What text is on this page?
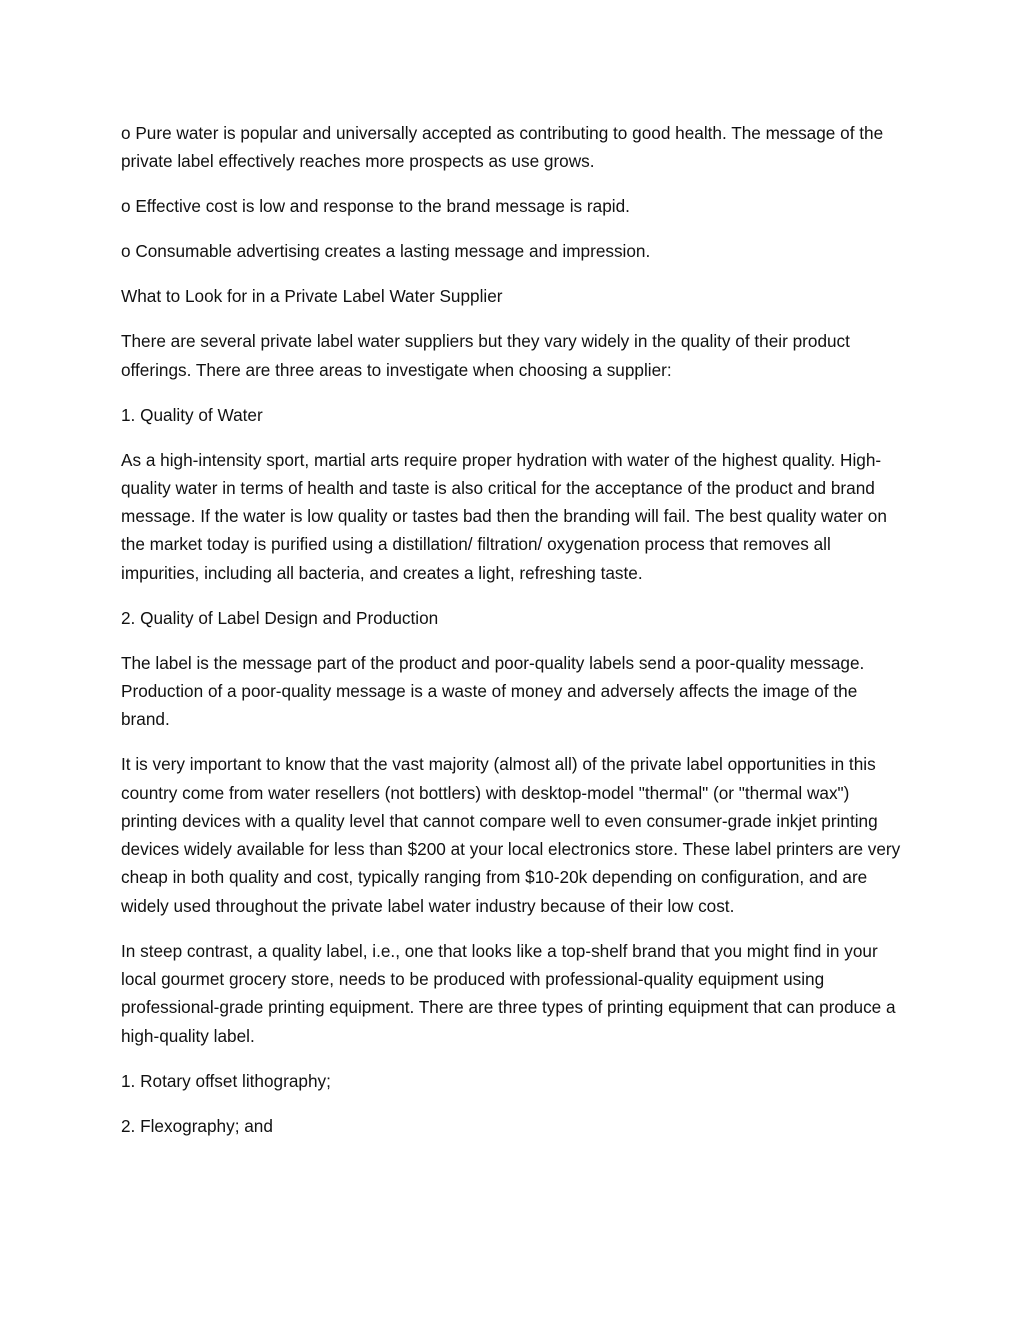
o Pure water is popular and universally accepted as contributing to good health. The message of the private label effectively reaches more prospects as use grows.

o Effective cost is low and response to the brand message is rapid.

o Consumable advertising creates a lasting message and impression.

What to Look for in a Private Label Water Supplier

There are several private label water suppliers but they vary widely in the quality of their product offerings. There are three areas to investigate when choosing a supplier:

1. Quality of Water

As a high-intensity sport, martial arts require proper hydration with water of the highest quality. High-quality water in terms of health and taste is also critical for the acceptance of the product and brand message. If the water is low quality or tastes bad then the branding will fail. The best quality water on the market today is purified using a distillation/ filtration/ oxygenation process that removes all impurities, including all bacteria, and creates a light, refreshing taste.

2. Quality of Label Design and Production

The label is the message part of the product and poor-quality labels send a poor-quality message. Production of a poor-quality message is a waste of money and adversely affects the image of the brand.

It is very important to know that the vast majority (almost all) of the private label opportunities in this country come from water resellers (not bottlers) with desktop-model "thermal" (or "thermal wax") printing devices with a quality level that cannot compare well to even consumer-grade inkjet printing devices widely available for less than $200 at your local electronics store. These label printers are very cheap in both quality and cost, typically ranging from $10-20k depending on configuration, and are widely used throughout the private label water industry because of their low cost.

In steep contrast, a quality label, i.e., one that looks like a top-shelf brand that you might find in your local gourmet grocery store, needs to be produced with professional-quality equipment using professional-grade printing equipment. There are three types of printing equipment that can produce a high-quality label.

1. Rotary offset lithography;

2. Flexography; and
